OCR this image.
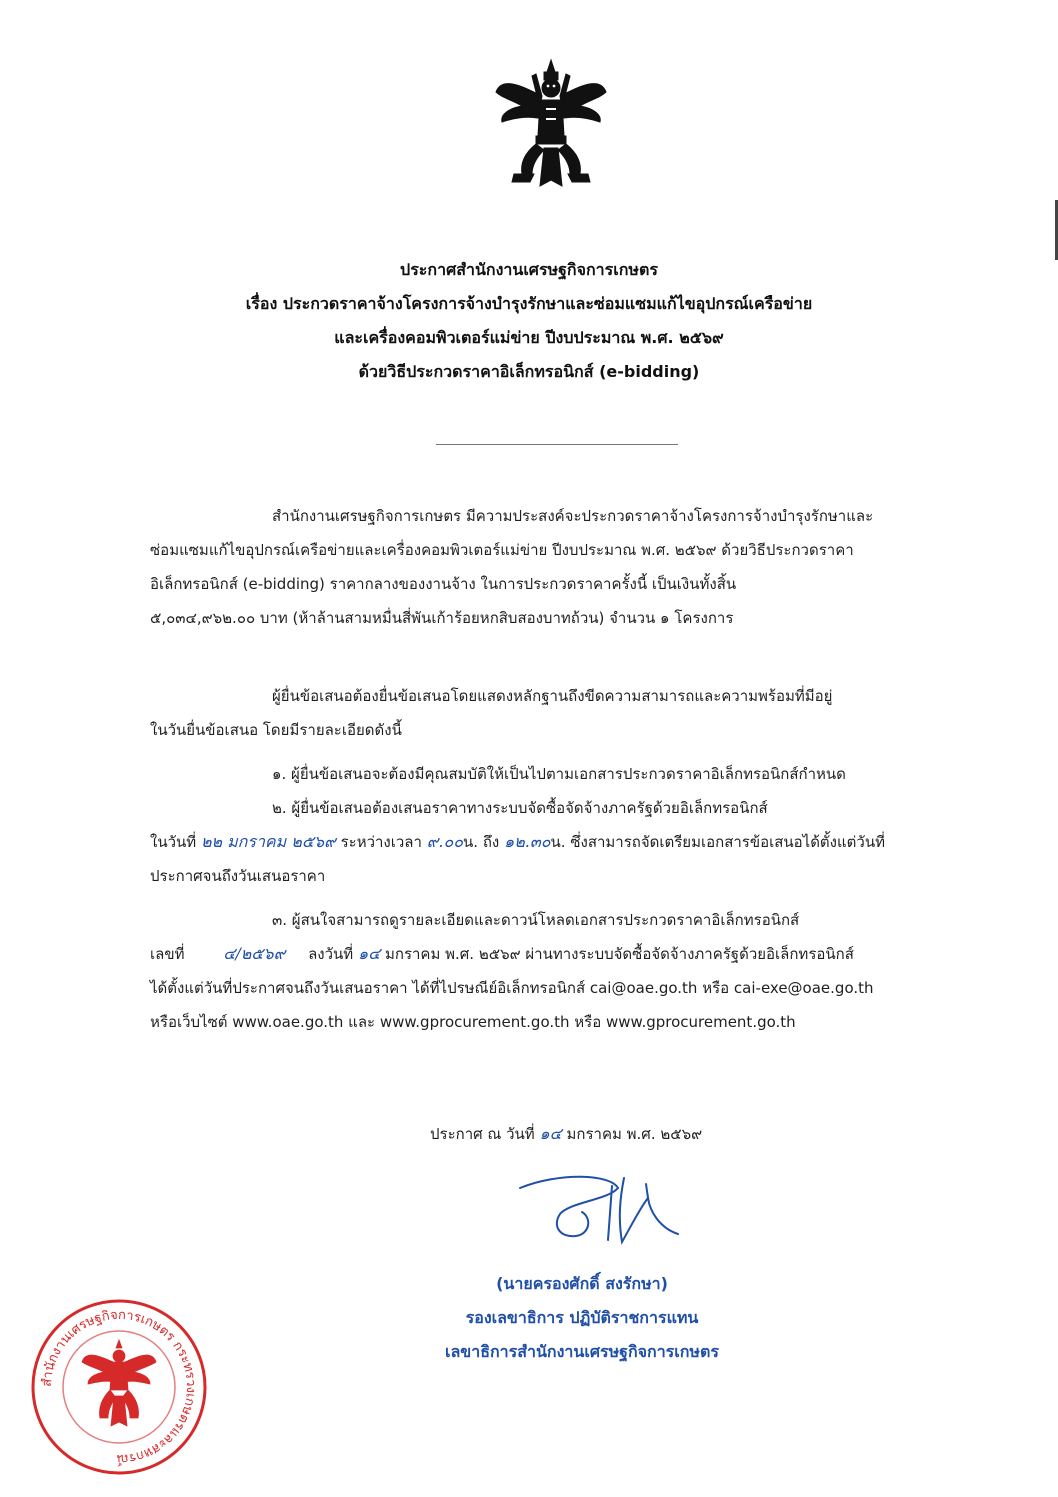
ประกาศสำนักงานเศรษฐกิจการเกษตร
เรื่อง ประกวดราคาจ้างโครงการจ้างบำรุงรักษาและซ่อมแซมแก้ไขอุปกรณ์เครือข่าย
และเครื่องคอมพิวเตอร์แม่ข่าย ปีงบประมาณ พ.ศ. ๒๕๖๙
ด้วยวิธีประกวดราคาอิเล็กทรอนิกส์ (e-bidding)
สำนักงานเศรษฐกิจการเกษตร มีความประสงค์จะประกวดราคาจ้างโครงการจ้างบำรุงรักษาและ
ซ่อมแซมแก้ไขอุปกรณ์เครือข่ายและเครื่องคอมพิวเตอร์แม่ข่าย ปีงบประมาณ พ.ศ. ๒๕๖๙ ด้วยวิธีประกวดราคา
อิเล็กทรอนิกส์ (e-bidding) ราคากลางของงานจ้าง ในการประกวดราคาครั้งนี้ เป็นเงินทั้งสิ้น
๕,๐๓๔,๙๖๒.๐๐ บาท (ห้าล้านสามหมื่นสี่พันเก้าร้อยหกสิบสองบาทถ้วน) จำนวน ๑ โครงการ
ผู้ยื่นข้อเสนอต้องยื่นข้อเสนอโดยแสดงหลักฐานถึงขีดความสามารถและความพร้อมที่มีอยู่
ในวันยื่นข้อเสนอ โดยมีรายละเอียดดังนี้
๑. ผู้ยื่นข้อเสนอจะต้องมีคุณสมบัติให้เป็นไปตามเอกสารประกวดราคาอิเล็กทรอนิกส์กำหนด
๒. ผู้ยื่นข้อเสนอต้องเสนอราคาทางระบบจัดซื้อจัดจ้างภาครัฐด้วยอิเล็กทรอนิกส์
ในวันที่ ๒๒ มกราคม ๒๕๖๙ ระหว่างเวลา ๙.๐๐น. ถึง ๑๒.๓๐น. ซึ่งสามารถจัดเตรียมเอกสารข้อเสนอได้ตั้งแต่วันที่
ประกาศจนถึงวันเสนอราคา
๓. ผู้สนใจสามารถดูรายละเอียดและดาวน์โหลดเอกสารประกวดราคาอิเล็กทรอนิกส์
เลขที่ ๔/๒๕๖๙ ลงวันที่ ๑๔ มกราคม พ.ศ. ๒๕๖๙ ผ่านทางระบบจัดซื้อจัดจ้างภาครัฐด้วยอิเล็กทรอนิกส์
ได้ตั้งแต่วันที่ประกาศจนถึงวันเสนอราคา ได้ที่ไปรษณีย์อิเล็กทรอนิกส์ cai@oae.go.th หรือ cai-exe@oae.go.th
หรือเว็บไซต์ www.oae.go.th และ www.gprocurement.go.th หรือ www.gprocurement.go.th
ประกาศ ณ วันที่ ๑๔ มกราคม พ.ศ. ๒๕๖๙
(นายครองศักดิ์ สงรักษา)
รองเลขาธิการ ปฏิบัติราชการแทน
เลขาธิการสำนักงานเศรษฐกิจการเกษตร
สำนักงานเศรษฐกิจการเกษตร กระทรวงเกษตรและสหกรณ์
